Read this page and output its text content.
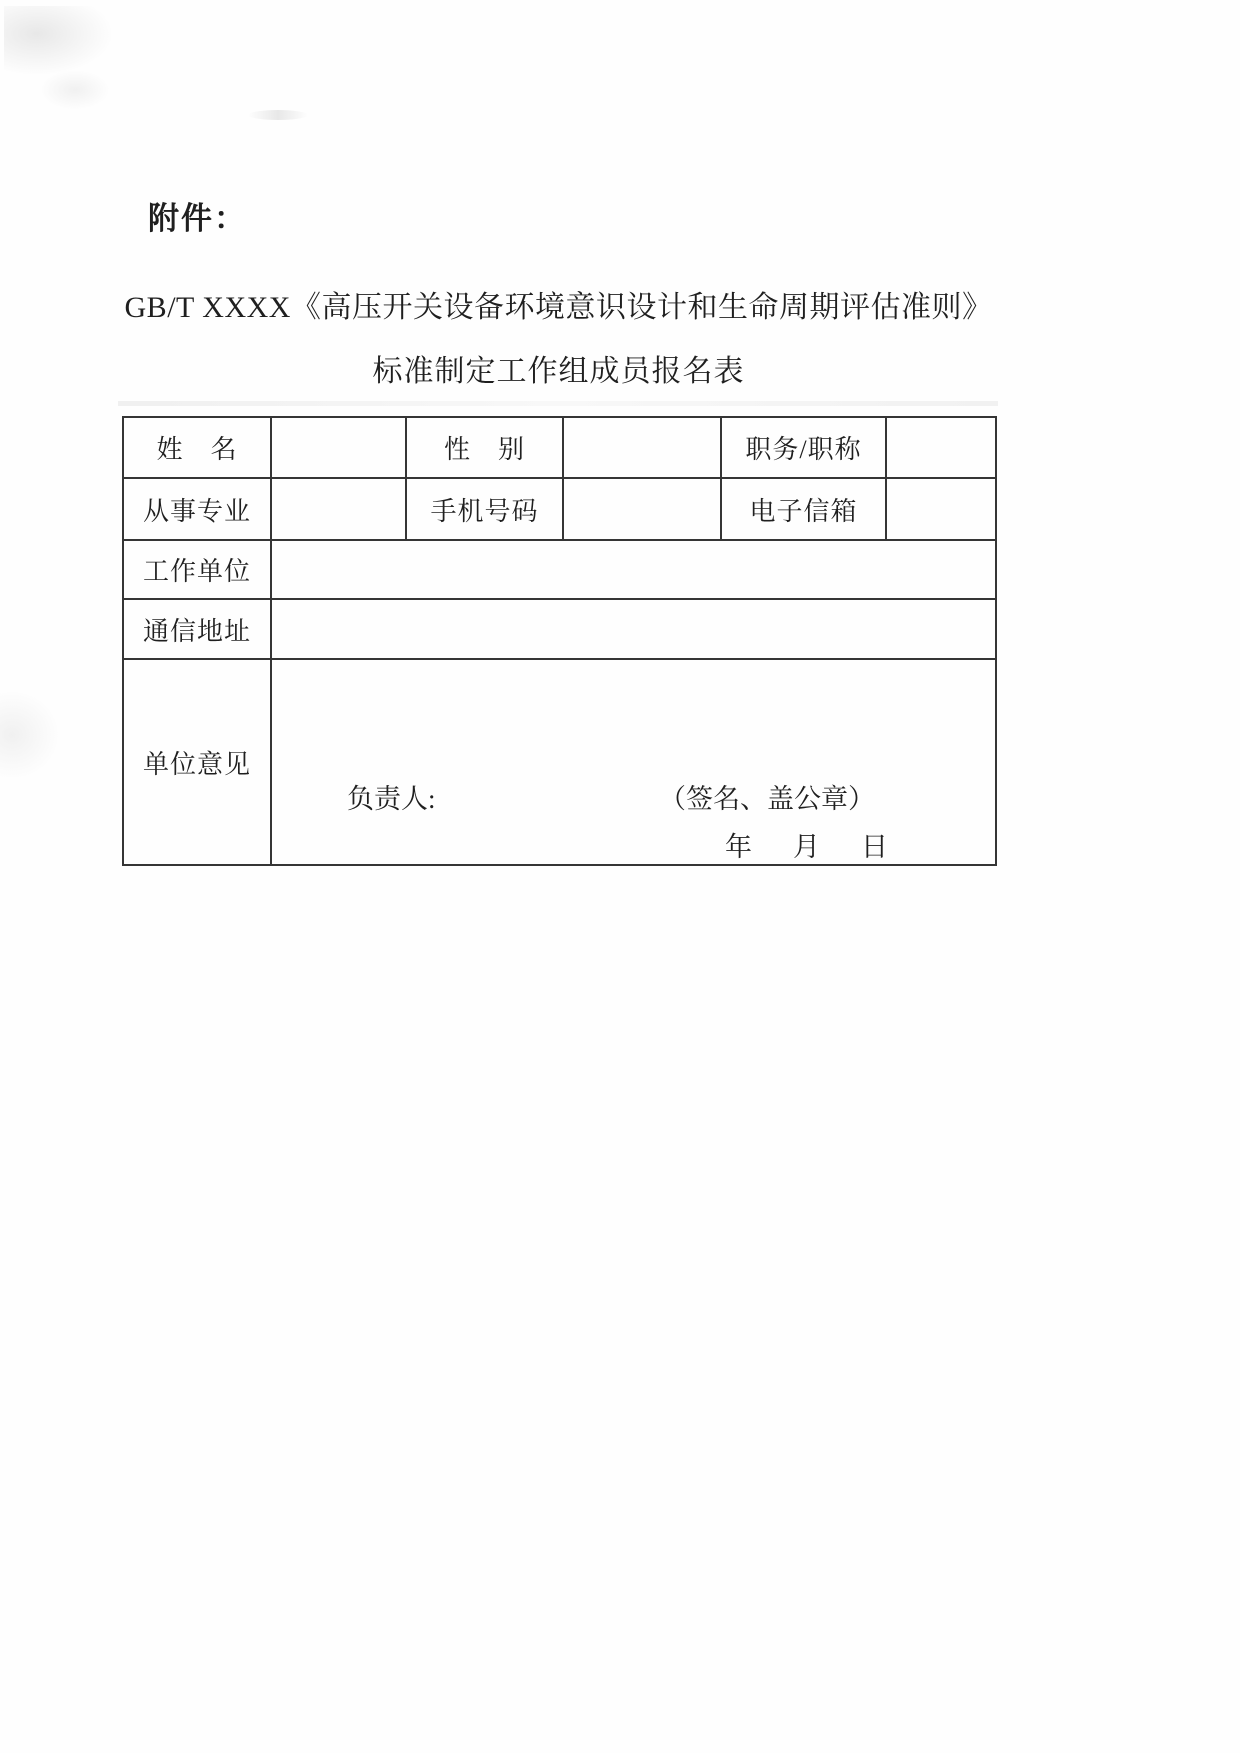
附件：
GB/T XXXX《高压开关设备环境意识设计和生命周期评估准则》
标准制定工作组成员报名表
姓　名		性　别		职务/职称	
从事专业		手机号码		电子信箱	
工作单位					
通信地址					
单位意见	负责人: （签名、盖公章）
年　月　日				
